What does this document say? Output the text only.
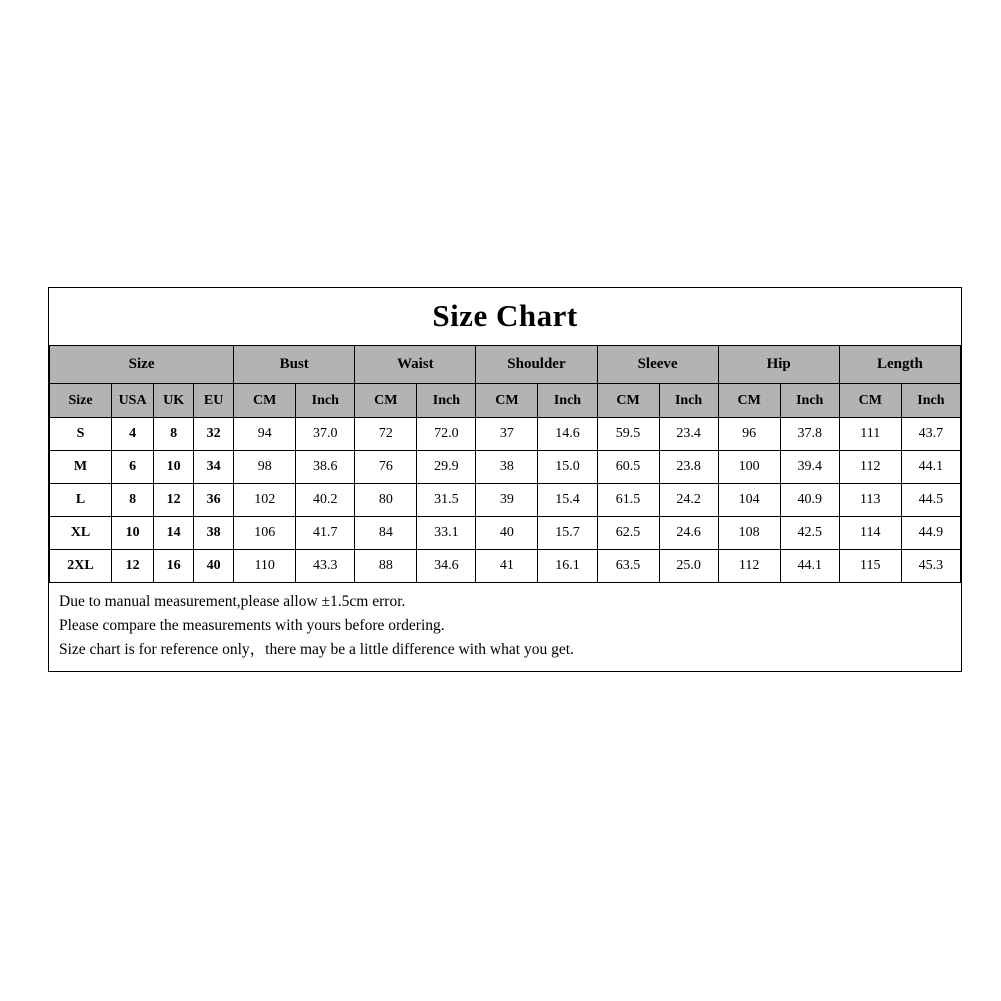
Size Chart
Size				Bust		Waist		Shoulder		Sleeve		Hip		Length	
Size	USA	UK	EU	CM	Inch	CM	Inch	CM	Inch	CM	Inch	CM	Inch	CM	Inch
S	4	8	32	94	37.0	72	72.0	37	14.6	59.5	23.4	96	37.8	111	43.7
M	6	10	34	98	38.6	76	29.9	38	15.0	60.5	23.8	100	39.4	112	44.1
L	8	12	36	102	40.2	80	31.5	39	15.4	61.5	24.2	104	40.9	113	44.5
XL	10	14	38	106	41.7	84	33.1	40	15.7	62.5	24.6	108	42.5	114	44.9
2XL	12	16	40	110	43.3	88	34.6	41	16.1	63.5	25.0	112	44.1	115	45.3
Due to manual measurement,please allow ±1.5cm error.
Please compare the measurements with yours before ordering.
Size chart is for reference only，there may be a little difference with what you get.
